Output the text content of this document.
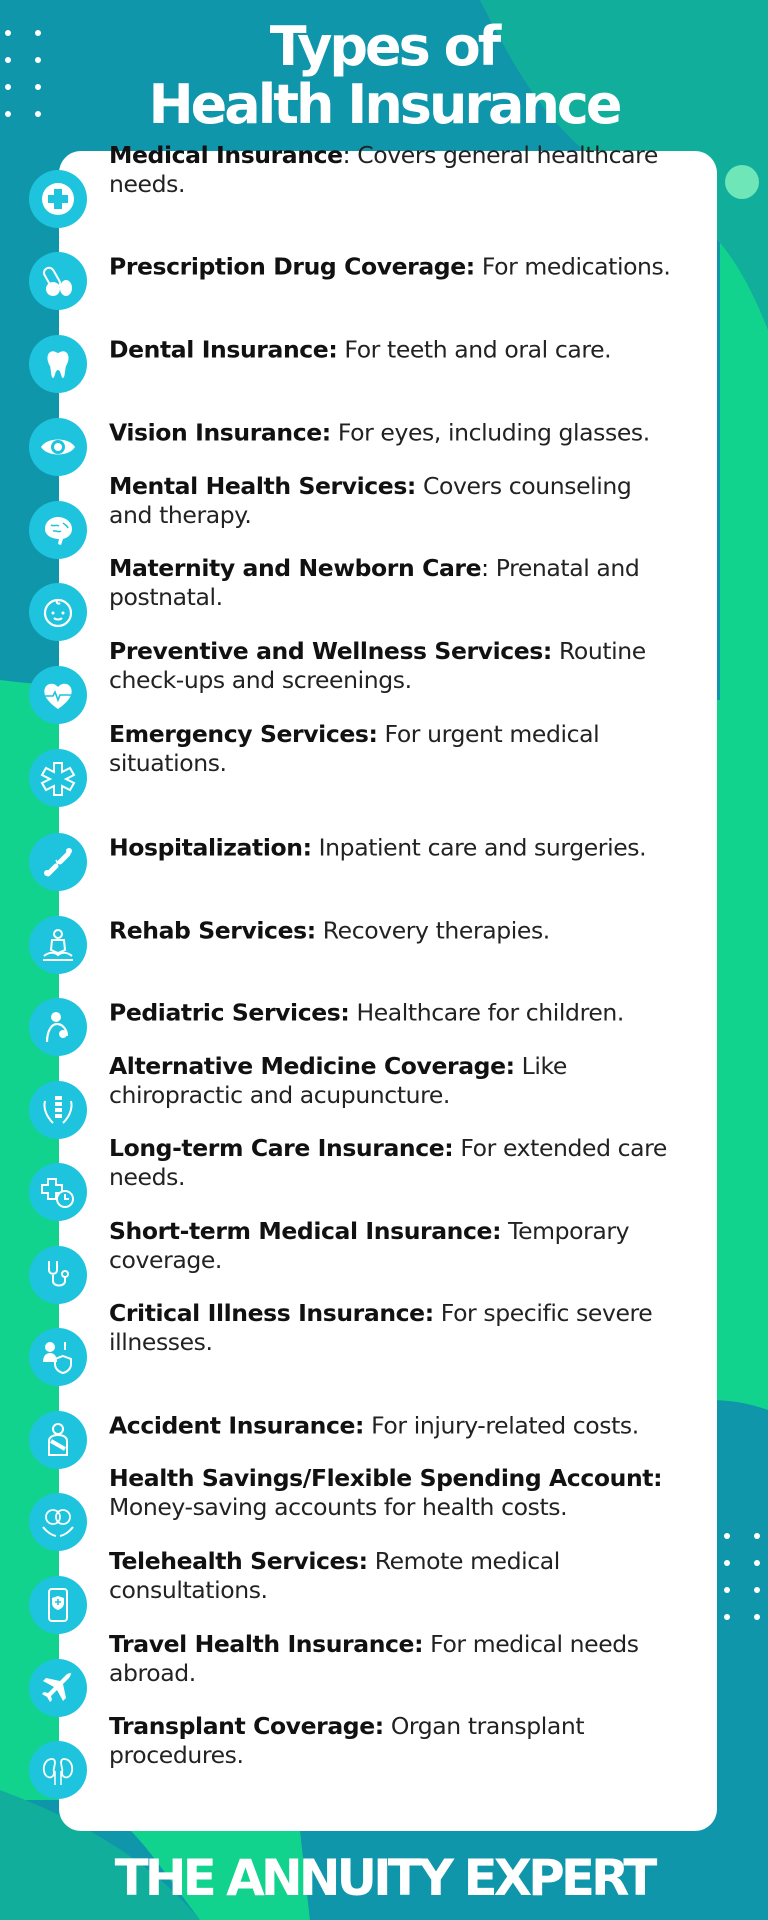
Types of
Health Insurance
Medical Insurance: Covers general healthcare needs.
Prescription Drug Coverage: For medications.
Dental Insurance: For teeth and oral care.
Vision Insurance: For eyes, including glasses.
Mental Health Services: Covers counseling and therapy.
Maternity and Newborn Care: Prenatal and postnatal.
Preventive and Wellness Services: Routine check-ups and screenings.
Emergency Services: For urgent medical situations.
Hospitalization: Inpatient care and surgeries.
Rehab Services: Recovery therapies.
Pediatric Services: Healthcare for children.
Alternative Medicine Coverage: Like chiropractic and acupuncture.
Long-term Care Insurance: For extended care needs.
Short-term Medical Insurance: Temporary coverage.
Critical Illness Insurance: For specific severe illnesses.
Accident Insurance: For injury-related costs.
Health Savings/Flexible Spending Account: Money-saving accounts for health costs.
Telehealth Services: Remote medical consultations.
Travel Health Insurance: For medical needs abroad.
Transplant Coverage: Organ transplant procedures.
THE ANNUITY EXPERT
